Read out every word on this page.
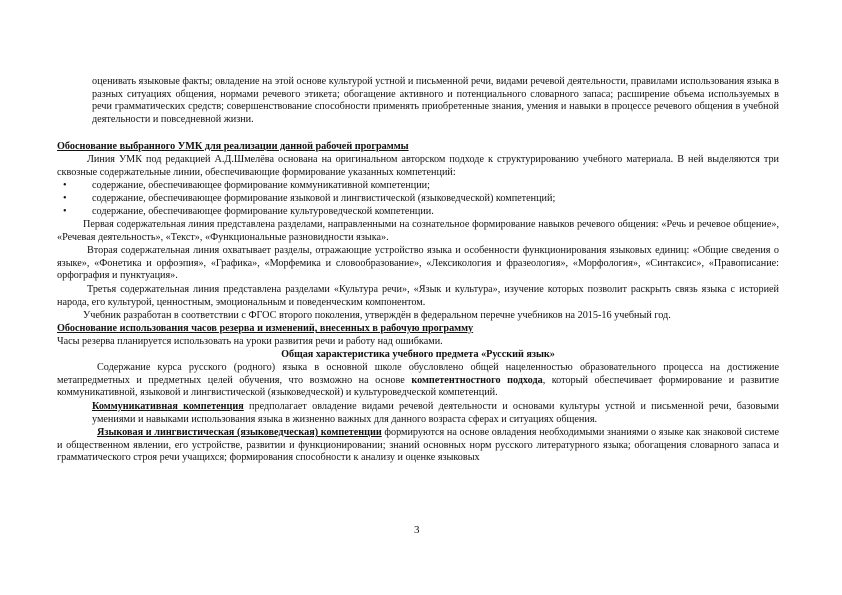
оценивать языковые факты; овладение на этой основе культурой устной и письменной речи, видами речевой деятельности, правилами использования языка в разных ситуациях общения, нормами речевого этикета; обогащение активного и потенциального словарного запаса; расширение объема используемых в речи грамматических средств; совершенствование способности применять приобретенные знания, умения и навыки в процессе речевого общения в учебной деятельности и повседневной жизни.
Обоснование выбранного УМК для реализации данной рабочей программы
Линия УМК под редакцией А.Д.Шмелёва основана на оригинальном авторском подходе к структурированию учебного материала. В ней выделяются три сквозные содержательные линии, обеспечивающие формирование указанных компетенций:
• содержание, обеспечивающее формирование коммуникативной компетенции;
• содержание, обеспечивающее формирование языковой и лингвистической (языковедческой) компетенций;
• содержание, обеспечивающее формирование культуроведческой компетенции.
Первая содержательная линия представлена разделами, направленными на сознательное формирование навыков речевого общения: «Речь и речевое общение», «Речевая деятельность», «Текст», «Функциональные разновидности языка».
Вторая содержательная линия охватывает разделы, отражающие устройство языка и особенности функционирования языковых единиц: «Общие сведения о языке», «Фонетика и орфоэпия», «Графика», «Морфемика и словообразование», «Лексикология и фразеология», «Морфология», «Синтаксис», «Правописание: орфография и пунктуация».
Третья содержательная линия представлена разделами «Культура речи», «Язык и культура», изучение которых позволит раскрыть связь языка с историей народа, его культурой, ценностным, эмоциональным и поведенческим компонентом.
Учебник разработан в соответствии с ФГОС второго поколения, утверждён в федеральном перечне учебников на 2015-16 учебный год.
Обоснование использования часов резерва и изменений, внесенных в рабочую программу
Часы резерва планируется использовать на уроки развития речи и работу над ошибками.
Общая характеристика учебного предмета «Русский язык»
Содержание курса русского (родного) языка в основной школе обусловлено общей нацеленностью образовательного процесса на достижение метапредметных и предметных целей обучения, что возможно на основе компетентностного подхода, который обеспечивает формирование и развитие коммуникативной, языковой и лингвистической (языковедческой) и культуроведческой компетенций.
Коммуникативная компетенция предполагает овладение видами речевой деятельности и основами культуры устной и письменной речи, базовыми умениями и навыками использования языка в жизненно важных для данного возраста сферах и ситуациях общения.
Языковая и лингвистическая (языковедческая) компетенции формируются на основе овладения необходимыми знаниями о языке как знаковой системе и общественном явлении, его устройстве, развитии и функционировании; знаний основных норм русского литературного языка; обогащения словарного запаса и грамматического строя речи учащихся; формирования способности к анализу и оценке языковых
3
